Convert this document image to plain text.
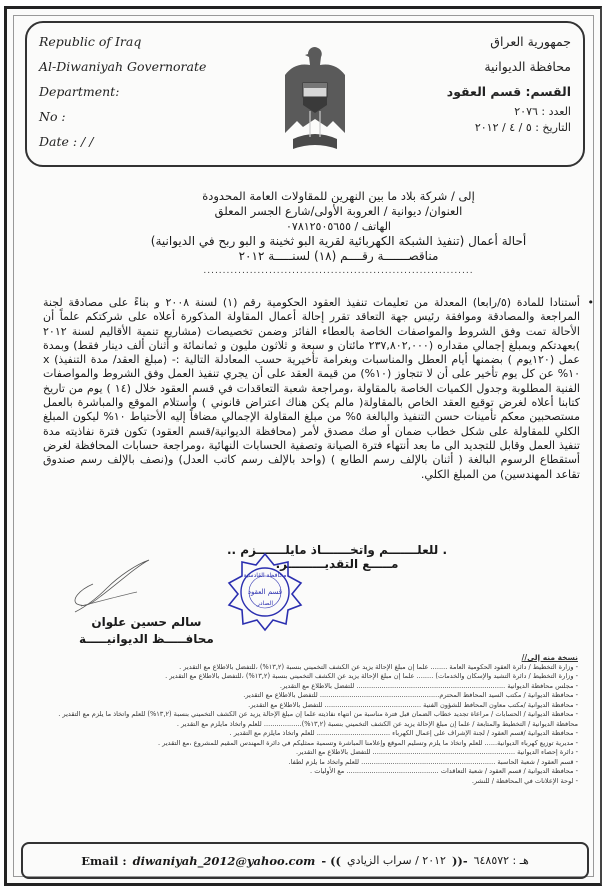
Republic of Iraq
Al-Diwaniyah Governorate
Department:
No :
Date : / /
جمهورية العراق
محافظة الديوانية
القسم: قسم العقود
العدد : ٢٠٧٦
التاريخ : ٥ / ٤ / ٢٠١٢
إلى / شركة بلاد ما بين النهرين للمقاولات العامة المحدودة
العنوان/ ديوانية / العروبة الأولى/شارع الجسر المعلق
الهاتف / ٠٧٨١٢٥٠٥٦٥٥
أحالة أعمال (تنفيذ الشبكة الكهربائية لقرية البو ثخينة و البو ربح في الديوانية)
مناقصـــــــة رقــــم (١٨) لسنـــــة ٢٠١٢
......................................................................
•
أستنادا للمادة (٥/رابعا) المعدلة من تعليمات تنفيذ العقود الحكومية رقم (١) لسنة ٢٠٠٨ و بناءً على مصادقة لجنة المراجعة والمصادقة وموافقة رئيس جهة التعاقد تقرر إحالة أعمال المقاولة المذكورة أعلاه على شركتكم علماً أن الأحالة تمت وفق الشروط والمواصفات الخاصة بالعطاء الفائز وضمن تخصيصات (مشاريع تنمية الأقاليم لسنة ٢٠١٢ )بعهدتكم وبمبلغ إجمالي مقداره (٢٣٧,٨٠٢,٠٠٠ مائتان و سبعة و ثلاثون مليون و ثمانمائة و أثنان ألف دينار فقط) وبمدة عمل (١٢٠يوم ) بضمنها أيام العطل والمناسبات وبغرامة تأخيرية حسب المعادلة التالية :- (مبلغ العقد/ مدة التنفيذ) x ١٠% عن كل يوم تأخير على أن لا تتجاوز (١٠%) من قيمة العقد على أن يجري تنفيذ العمل وفق الشروط والمواصفات الفنية المطلوبة وجدول الكميات الخاصة بالمقاولة ،ومراجعة شعبة التعاقدات في قسم العقود خلال (١٤ ) يوم من تاريخ كتابنا أعلاه لغرض توقيع العقد الخاص بالمقاولة( مالم يكن هناك اعتراض قانوني ) وأستلام الموقع والمباشرة بالعمل مستصحبين معكم تأمينات حسن التنفيذ والبالغة ٥% من مبلغ المقاولة الإجمالي مضافاً إليه الأحتياط ١٠% ليكون المبلغ الكلي للمقاولة على شكل خطاب ضمان أو صك مصدق لأمر (محافظة الديوانية/قسم العقود) تكون فترة نفاذيته مدة تنفيذ العمل وقابل للتجديد الى ما بعد أنتهاء فترة الصيانة وتصفية الحسابات النهائية ،ومراجعة حسابات المحافظة لغرض أستقطاع الرسوم البالغة ( أثنان بالإلف رسم الطابع ) (واحد بالإلف رسم كاتب العدل) و(نصف بالإلف رسم صندوق تقاعد المهندسين) من المبلغ الكلي.
. للعلـــــــم واتخـــــــاذ مايلـــــــزم .. مـــــع التقديـــــــــر.
سالم حسين علوان
محافـــــظ الديوانيـــــة
محافظة القادسية
قسم العقود
الصادر
نسخة منه إلى//
- وزارة التخطيط / دائرة العقود الحكومية العامة ........ علما إن مبلغ الإحالة يزيد عن الكشف التخميني بنسبة (١٣,٢%) ،للتفضل بالاطلاع مع التقدير .
- وزارة التخطيط / دائرة التشيد والإسكان والخدمات) ........ علما إن مبلغ الإحالة يزيد عن الكشف التخميني بنسبة (١٣,٢%) ،للتفضل بالاطلاع مع التقدير .
- مجلس محافظة الديوانية ....................................................................... للتفضل بالاطلاع مع التقدير.
- محافظة الديوانية / مكتب السيد المحافظ المحترم......................................................... للتفضل بالاطلاع مع التقدير.
- محافظة الديوانية /مكتب معاون المحافظ للشؤون الفنية .............................................. للتفضل بالاطلاع مع التقدير.
- محافظة الديوانية / الحسابات / مراعاة تجديد خطاب الضمان قبل فترة مناسبة من انتهاء نفاذيته علما إن مبلغ الإحالة يزيد عن الكشف التخميني بنسبة (١٣,٢%) للعلم واتخاذ ما يلزم مع التقدير .
محافظة الديوانية / التخطيط والمتابعة / علما إن مبلغ الإحالة يزيد عن الكشف التخميني بنسبة (١٣,٢%).................. للعلم واتخاذ مايلزم مع التقدير .
- محافظة الديوانية /قسم العقود / لجنة الإشراف على إعمال الكهرباء ................................... للعلم واتخاذ مايلزم مع التقدير .
- مديرية توزيع كهرباء الديوانية...... للعلم واتخاذ ما يلزم وتسليم الموقع وإعلامنا المباشرة وتسمية ممثليكم في دائرة المهندس المقيم للمشروع ،مع التقدير .
- دائرة إحصاء الديوانية .................................................................... للتفضل بالاطلاع مع التقدير.
- قسم العقود / شعبة الحاسبة ................................................................ للعلم واتخاذ ما يلزم لطفا.
- محافظة الديوانية / قسم العقود / شعبة التعاقدات ............................................ مع الأوليات .
- لوحة الإعلانات في المحافظة / للنشر.
Email : diwaniyah_2012@yahoo.com - (( ٢٠١٢ / سراب الزيادي ))- هـ : ٦٤٨٥٧٢
